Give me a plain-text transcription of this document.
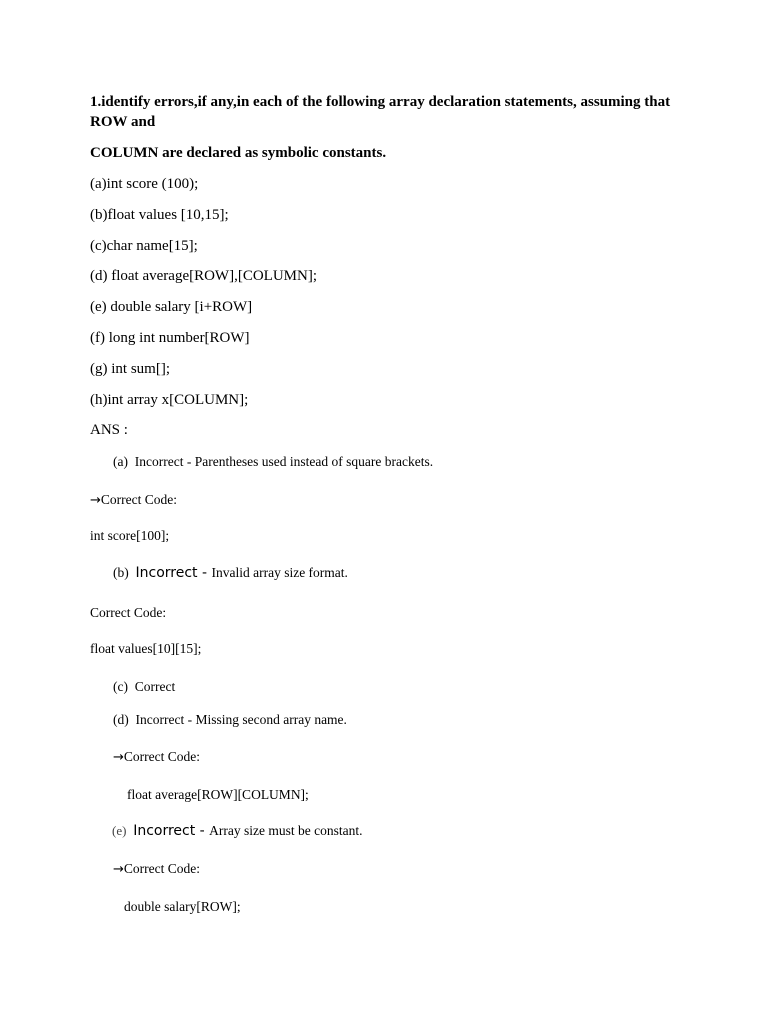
1.identify errors,if any,in each of the following array declaration statements, assuming that
ROW and
COLUMN are declared as symbolic constants.
(a)int score (100);
(b)float values [10,15];
(c)char name[15];
(d) float average[ROW],[COLUMN];
(e) double salary [i+ROW]
(f) long int number[ROW]
(g) int sum[];
(h)int array x[COLUMN];
ANS :
(a) Incorrect - Parentheses used instead of square brackets.
→Correct Code:
int score[100];
(b) Incorrect - Invalid array size format.
Correct Code:
float values[10][15];
(c) Correct
(d) Incorrect - Missing second array name.
→Correct Code:
float average[ROW][COLUMN];
(e) Incorrect - Array size must be constant.
→Correct Code:
double salary[ROW];
